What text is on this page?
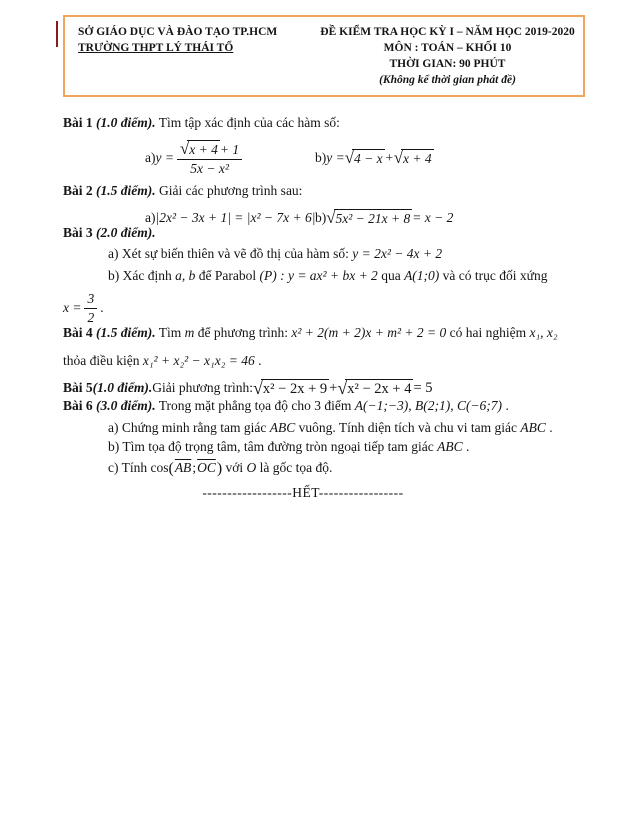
SỞ GIÁO DỤC VÀ ĐÀO TẠO TP.HCM
TRƯỜNG THPT LÝ THÁI TỔ
ĐỀ KIỂM TRA HỌC KỲ I – NĂM HỌC 2019-2020
MÔN : TOÁN – KHỐI 10
THỜI GIAN: 90 PHÚT
(Không kể thời gian phát đề)
Bài 1 (1.0 điểm). Tìm tập xác định của các hàm số:
a) y = √ $\frac{x + 4 + 1}{\text{5x − x²}}$	b) y = √ 4 − x + √ x + 4
Bài 2 (1.5 điểm). Giải các phương trình sau:
a) |2x² − 3x + 1| = |x² − 7x + 6| b) √ 5x² − 21x + 8 = x − 2
Bài 3 (2.0 điểm).
a) Xét sự biến thiên và vẽ đồ thị của hàm số: y = 2x² − 4x + 2
b) Xác định a, b để Parabol (P) : y = ax² + bx + 2 qua A(1;0) và có trục đối xứng
$x = \frac{3}{2}$ .
Bài 4 (1.5 điểm). Tìm m để phương trình: x² + 2(m + 2)x + m² + 2 = 0 có hai nghiệm x₁, x₂
thỏa điều kiện x₁² + x₂² − x₁x₂ = 46 .
Bài 5 (1.0 điểm). Giải phương trình: √ x² − 2x + 9 + √ x² − 2x + 4 = 5
Bài 6 (3.0 điểm). Trong mặt phẳng tọa độ cho 3 điểm A(−1;−3), B(2;1), C(−6;7) .
a) Chứng minh rằng tam giác ABC vuông. Tính diện tích và chu vi tam giác ABC .
b) Tìm tọa độ trọng tâm, tâm đường tròn ngoại tiếp tam giác ABC .
c) Tính $\cos(\overline{AB};\overline{OC})$ với O là gốc tọa độ.
------------------HẾT-----------------
